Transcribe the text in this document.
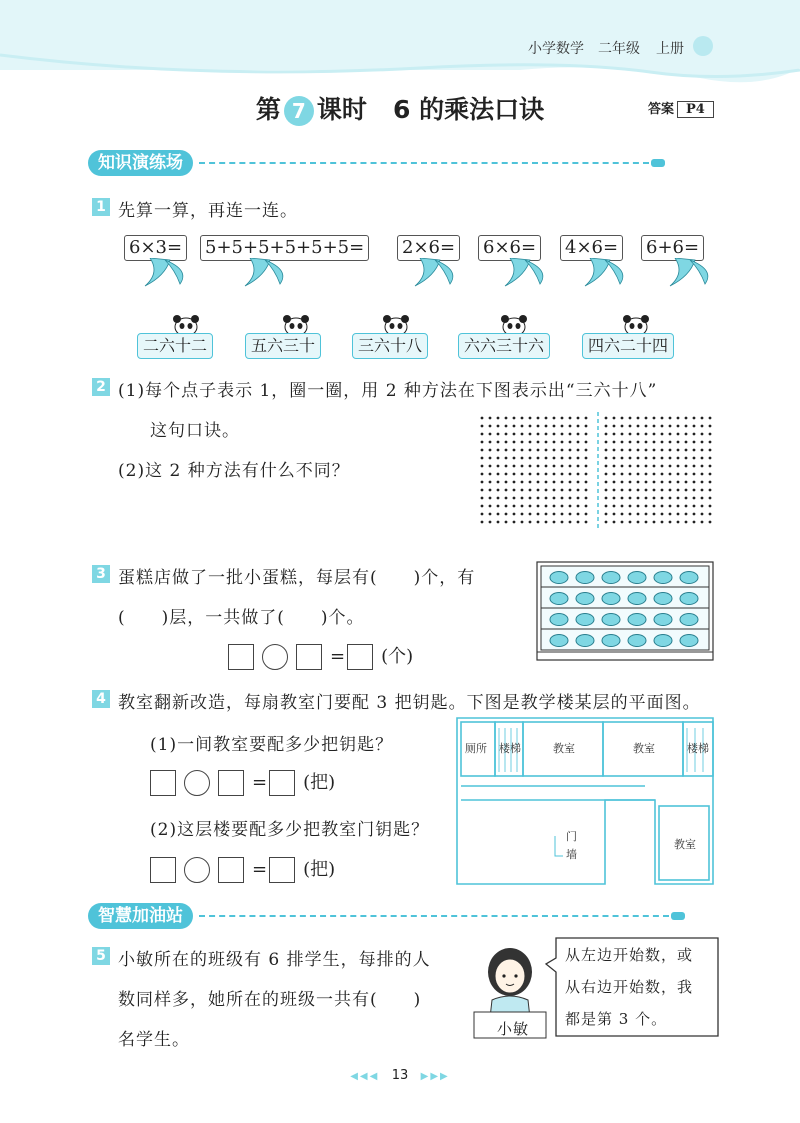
小学数学 二年级 上册
第 7 课时 6 的乘法口诀	答案 P4
知识演练场
1 先算一算，再连一连。
6×3= 5+5+5+5+5+5= 2×6= 6×6= 4×6= 6+6=
二六十二	五六三十	三六十八	六六三十六	四六二十四
2 (1)每个点子表示 1，圈一圈，用 2 种方法在下图表示出“三六十八”
这句口诀。
(2)这 2 种方法有什么不同？
3 蛋糕店做了一批小蛋糕，每层有(　　)个，有
(　　)层，一共做了(　　)个。
= (个)
4 教室翻新改造，每扇教室门要配 3 把钥匙。下图是教学楼某层的平面图。
(1)一间教室要配多少把钥匙？
= (把)
(2)这层楼要配多少把教室门钥匙？
= (把)
厕所 楼梯	教室	教室	楼梯
教室
门
墙
智慧加油站
5 小敏所在的班级有 6 排学生，每排的人
数同样多，她所在的班级一共有(　　)
名学生。
小敏
从左边开始数，或
从右边开始数，我
都是第 3 个。
◀◀◀ 13 ▶▶▶
